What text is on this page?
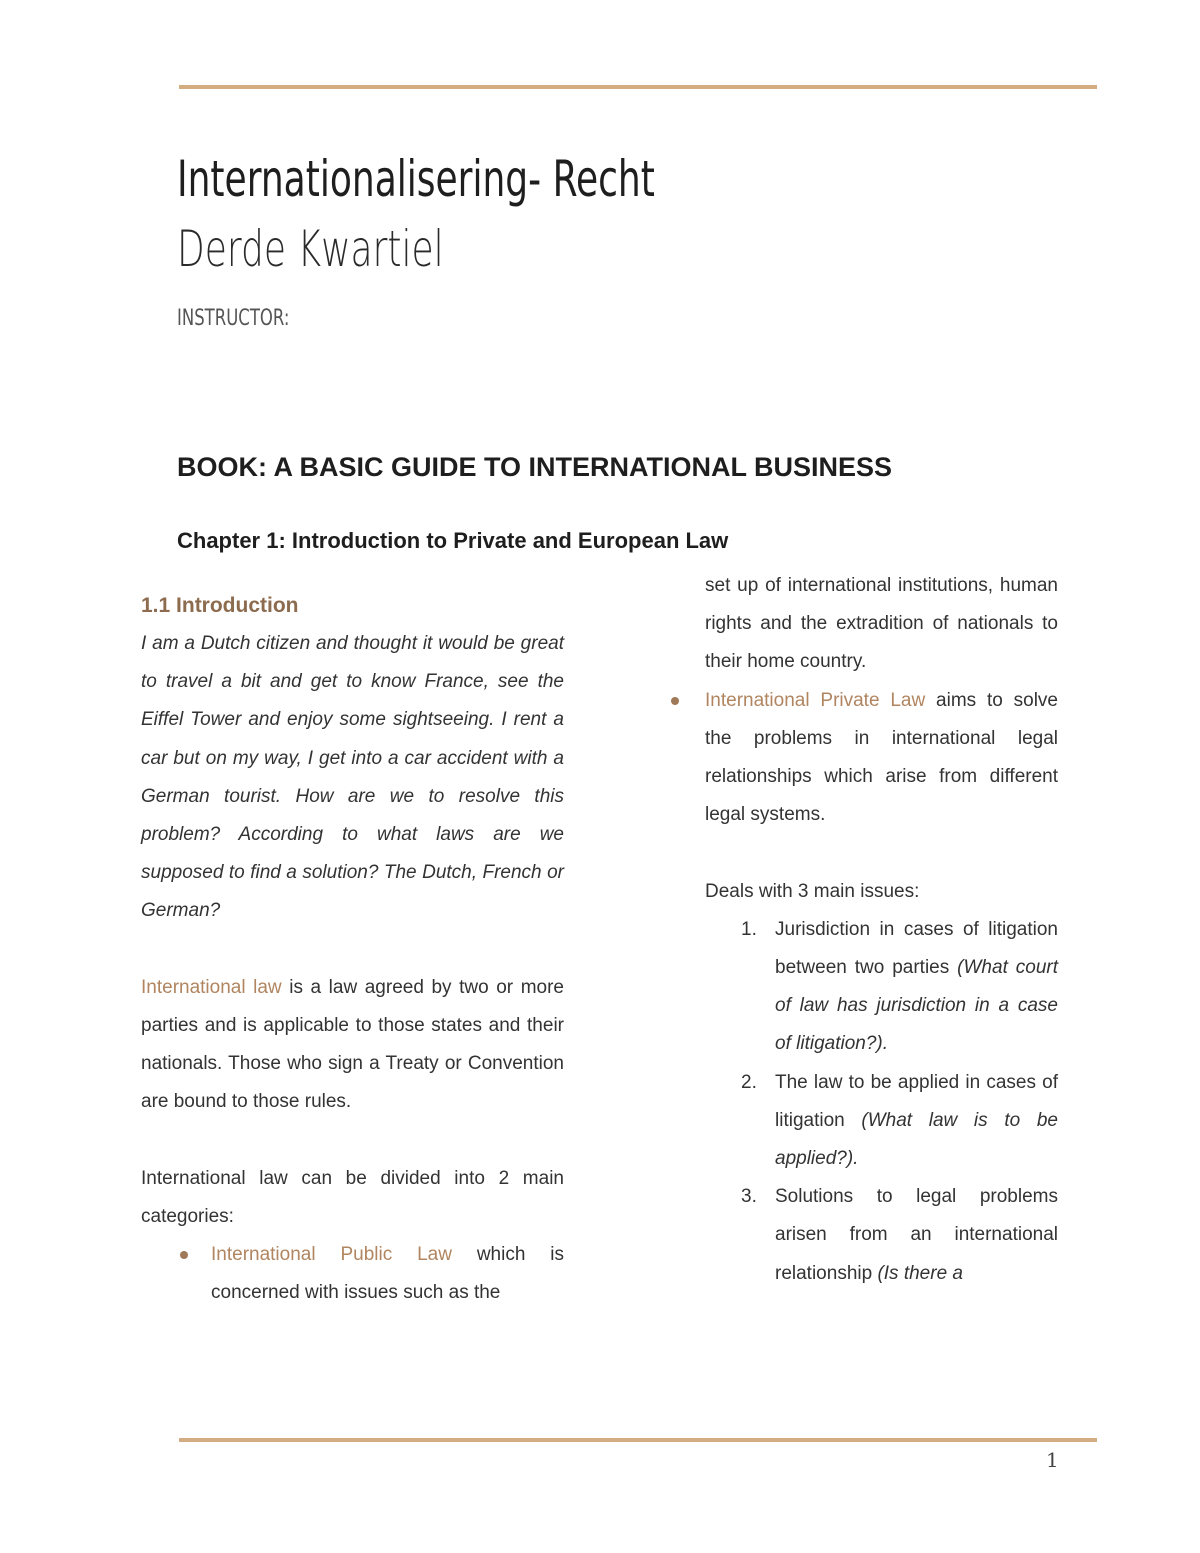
Internationalisering- Recht
Derde Kwartiel
INSTRUCTOR:
BOOK: A BASIC GUIDE TO INTERNATIONAL BUSINESS
Chapter 1: Introduction to Private and European Law
1.1 Introduction

I am a Dutch citizen and thought it would be great to travel a bit and get to know France, see the Eiffel Tower and enjoy some sightseeing. I rent a car but on my way, I get into a car accident with a German tourist. How are we to resolve this problem? According to what laws are we supposed to find a solution? The Dutch, French or German?

International law is a law agreed by two or more parties and is applicable to those states and their nationals. Those who sign a Treaty or Convention are bound to those rules.

International law can be divided into 2 main categories:

International Public Law which is concerned with issues such as the

set up of international institutions, human rights and the extradition of nationals to their home country.

International Private Law aims to solve the problems in international legal relationships which arise from different legal systems.

Deals with 3 main issues:

1. Jurisdiction in cases of litigation between two parties (What court of law has jurisdiction in a case of litigation?).
2. The law to be applied in cases of litigation (What law is to be applied?).
3. Solutions to legal problems arisen from an international relationship (Is there a
1
